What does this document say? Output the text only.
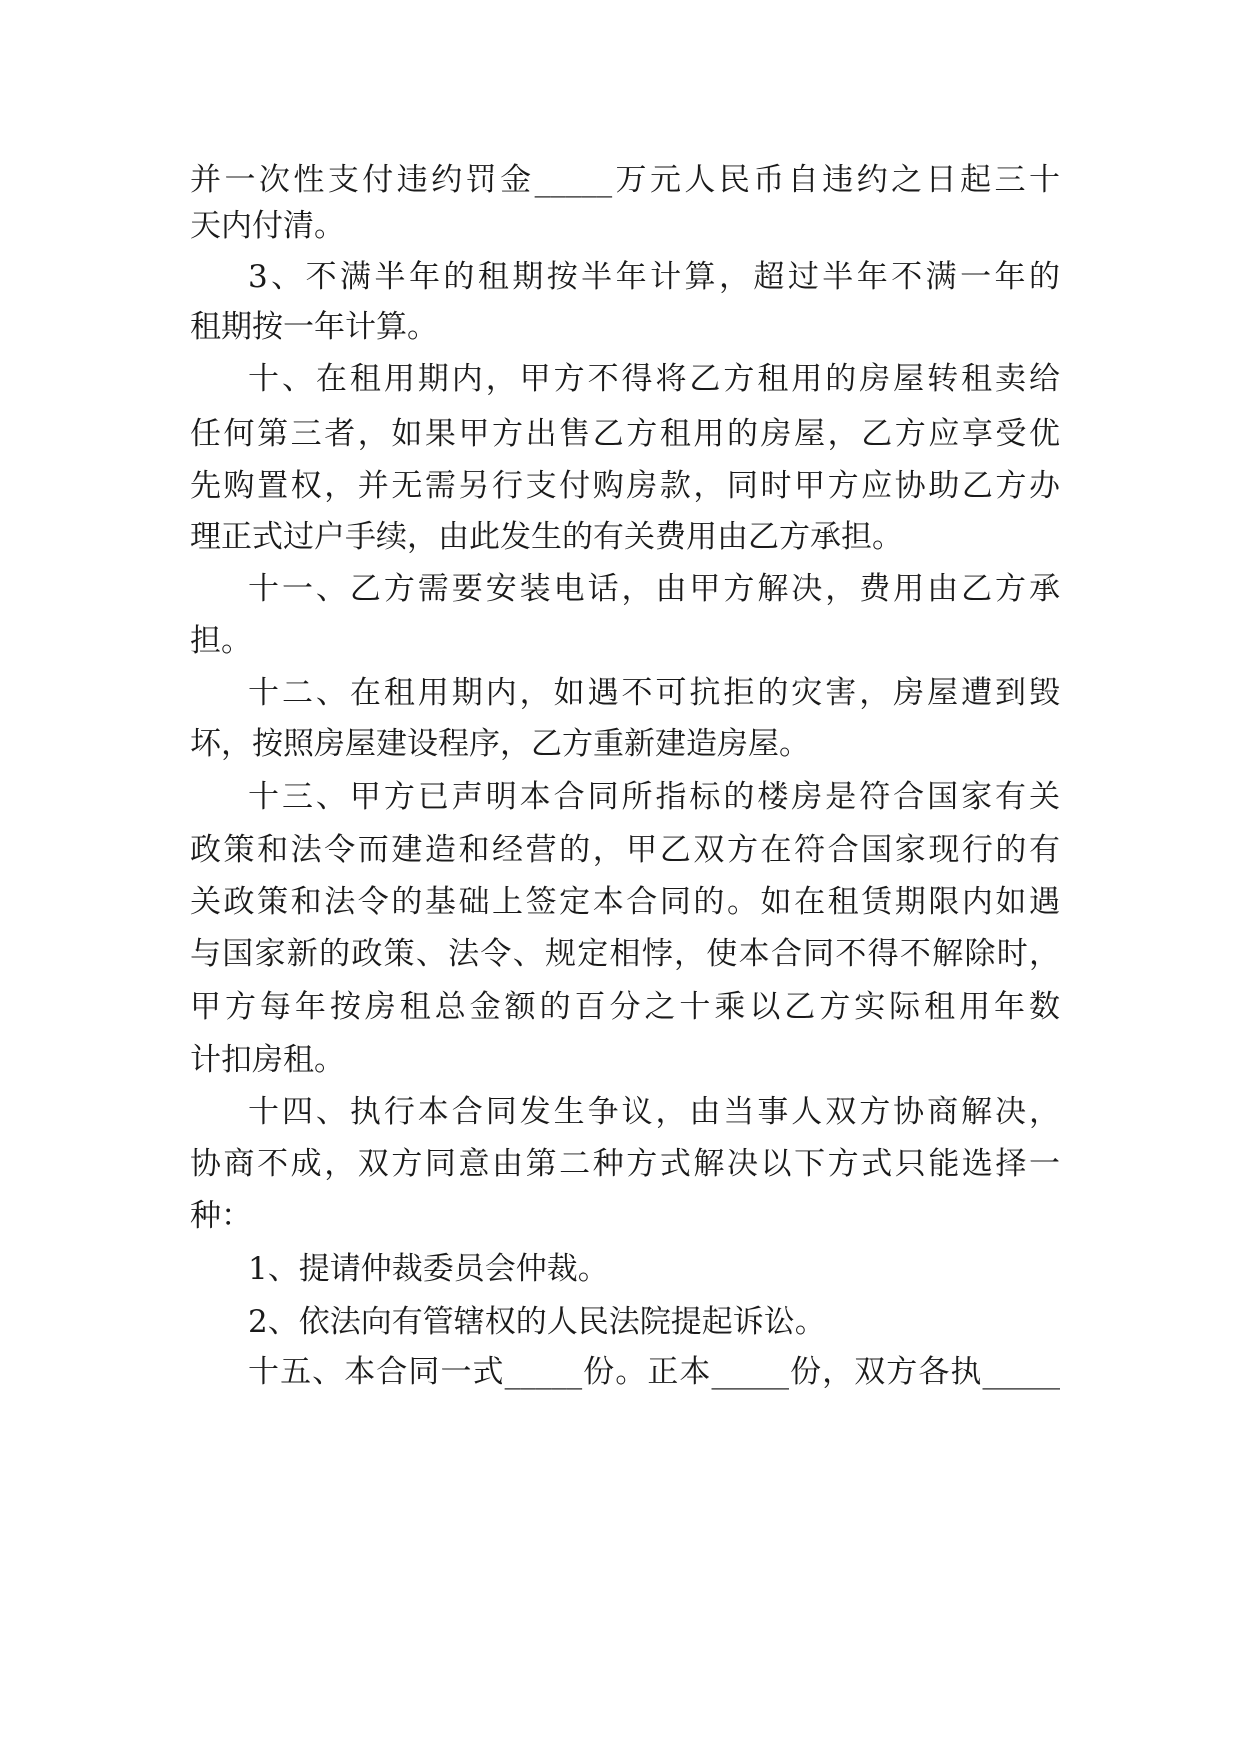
并一次性支付违约罚金_____万元人民币自违约之日起三十
天内付清。
3、不满半年的租期按半年计算，超过半年不满一年的
租期按一年计算。
十、在租用期内，甲方不得将乙方租用的房屋转租卖给
任何第三者，如果甲方出售乙方租用的房屋，乙方应享受优
先购置权，并无需另行支付购房款，同时甲方应协助乙方办
理正式过户手续，由此发生的有关费用由乙方承担。
十一、乙方需要安装电话，由甲方解决，费用由乙方承
担。
十二、在租用期内，如遇不可抗拒的灾害，房屋遭到毁
坏，按照房屋建设程序，乙方重新建造房屋。
十三、甲方已声明本合同所指标的楼房是符合国家有关
政策和法令而建造和经营的，甲乙双方在符合国家现行的有
关政策和法令的基础上签定本合同的。如在租赁期限内如遇
与国家新的政策、法令、规定相悖，使本合同不得不解除时，
甲方每年按房租总金额的百分之十乘以乙方实际租用年数
计扣房租。
十四、执行本合同发生争议，由当事人双方协商解决，
协商不成，双方同意由第二种方式解决以下方式只能选择一
种：
1、提请仲裁委员会仲裁。
2、依法向有管辖权的人民法院提起诉讼。
十五、本合同一式_____份。正本_____份，双方各执_____
